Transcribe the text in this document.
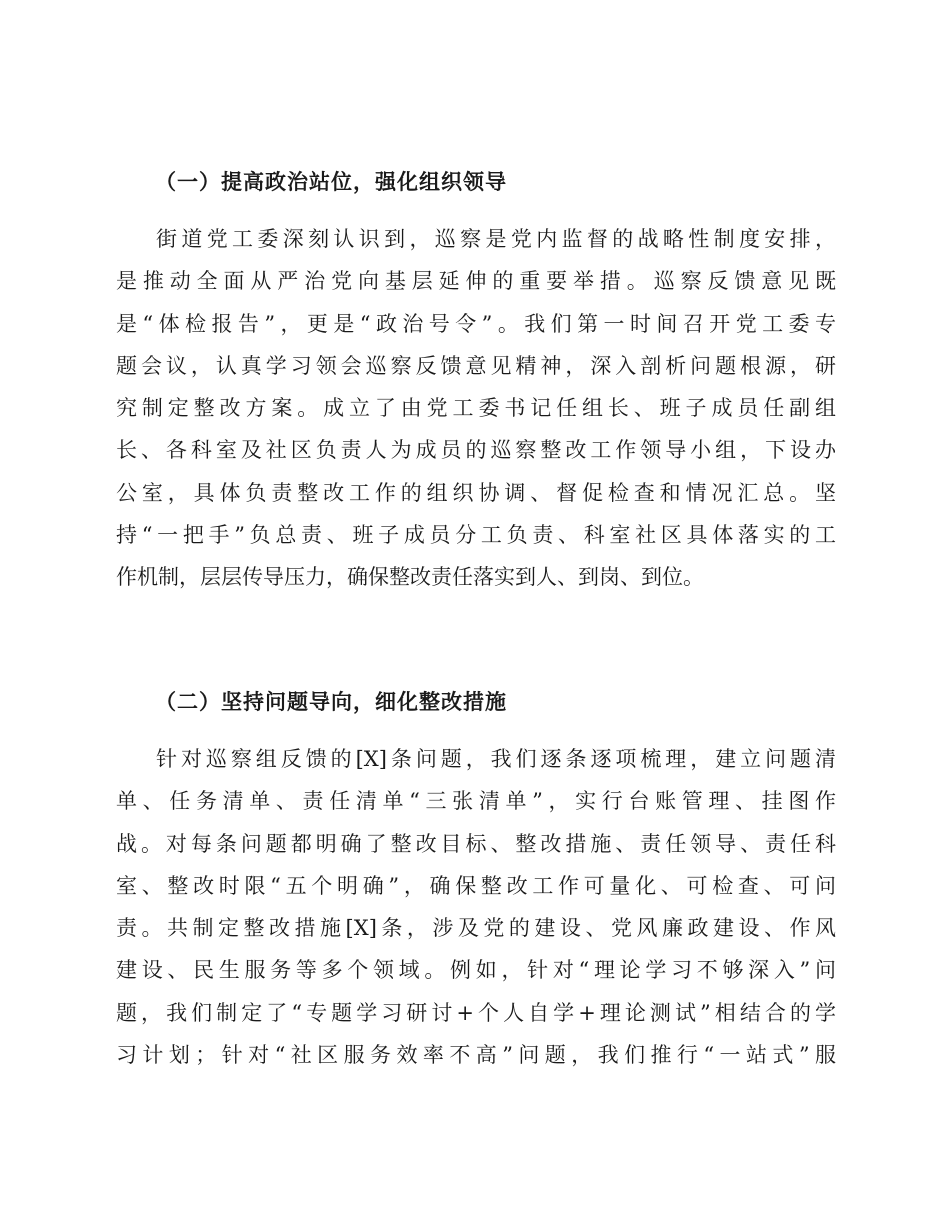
（一）提高政治站位，强化组织领导
街道党工委深刻认识到，巡察是党内监督的战略性制度安排，
是推动全面从严治党向基层延伸的重要举措。巡察反馈意见既
是“体检报告”，更是“政治号令”。我们第一时间召开党工委专
题会议，认真学习领会巡察反馈意见精神，深入剖析问题根源，研
究制定整改方案。成立了由党工委书记任组长、班子成员任副组
长、各科室及社区负责人为成员的巡察整改工作领导小组，下设办
公室，具体负责整改工作的组织协调、督促检查和情况汇总。坚
持“一把手”负总责、班子成员分工负责、科室社区具体落实的工
作机制，层层传导压力，确保整改责任落实到人、到岗、到位。
（二）坚持问题导向，细化整改措施
针对巡察组反馈的[X]条问题，我们逐条逐项梳理，建立问题清
单、任务清单、责任清单“三张清单”，实行台账管理、挂图作
战。对每条问题都明确了整改目标、整改措施、责任领导、责任科
室、整改时限“五个明确”，确保整改工作可量化、可检查、可问
责。共制定整改措施[X]条，涉及党的建设、党风廉政建设、作风
建设、民生服务等多个领域。例如，针对“理论学习不够深入”问
题，我们制定了“专题学习研讨+个人自学+理论测试”相结合的学
习计划；针对“社区服务效率不高”问题，我们推行“一站式”服
